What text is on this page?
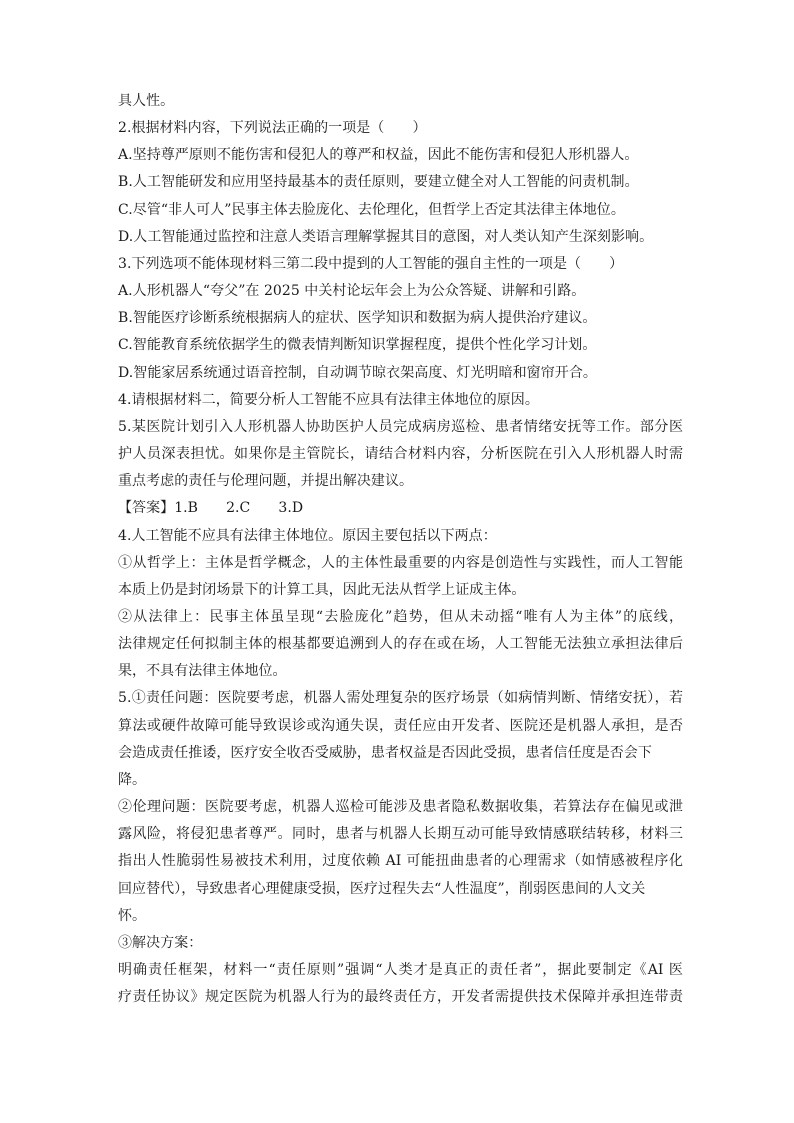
具人性。
2.根据材料内容，下列说法正确的一项是（　　）
A.坚持尊严原则不能伤害和侵犯人的尊严和权益，因此不能伤害和侵犯人形机器人。
B.人工智能研发和应用坚持最基本的责任原则，要建立健全对人工智能的问责机制。
C.尽管“非人可人”民事主体去脸庞化、去伦理化，但哲学上否定其法律主体地位。
D.人工智能通过监控和注意人类语言理解掌握其目的意图，对人类认知产生深刻影响。
3.下列选项不能体现材料三第二段中提到的人工智能的强自主性的一项是（　　）
A.人形机器人“夸父”在 2025 中关村论坛年会上为公众答疑、讲解和引路。
B.智能医疗诊断系统根据病人的症状、医学知识和数据为病人提供治疗建议。
C.智能教育系统依据学生的微表情判断知识掌握程度，提供个性化学习计划。
D.智能家居系统通过语音控制，自动调节晾衣架高度、灯光明暗和窗帘开合。
4.请根据材料二，简要分析人工智能不应具有法律主体地位的原因。
5.某医院计划引入人形机器人协助医护人员完成病房巡检、患者情绪安抚等工作。部分医
护人员深表担忧。如果你是主管院长，请结合材料内容，分析医院在引入人形机器人时需
重点考虑的责任与伦理问题，并提出解决建议。
【答案】1.B　　2.C　　3.D
4.人工智能不应具有法律主体地位。原因主要包括以下两点：
①从哲学上：主体是哲学概念，人的主体性最重要的内容是创造性与实践性，而人工智能
本质上仍是封闭场景下的计算工具，因此无法从哲学上证成主体。
②从法律上：民事主体虽呈现“去脸庞化”趋势，但从未动摇“唯有人为主体”的底线，
法律规定任何拟制主体的根基都要追溯到人的存在或在场，人工智能无法独立承担法律后
果，不具有法律主体地位。
5.①责任问题：医院要考虑，机器人需处理复杂的医疗场景（如病情判断、情绪安抚），若
算法或硬件故障可能导致误诊或沟通失误，责任应由开发者、医院还是机器人承担，是否
会造成责任推诿，医疗安全收否受威胁，患者权益是否因此受损，患者信任度是否会下
降。
②伦理问题：医院要考虑，机器人巡检可能涉及患者隐私数据收集，若算法存在偏见或泄
露风险，将侵犯患者尊严。同时，患者与机器人长期互动可能导致情感联结转移，材料三
指出人性脆弱性易被技术利用，过度依赖 AI 可能扭曲患者的心理需求（如情感被程序化
回应替代），导致患者心理健康受损，医疗过程失去“人性温度”，削弱医患间的人文关
怀。
③解决方案：
明确责任框架，材料一“责任原则”强调“人类才是真正的责任者”，据此要制定《AI 医
疗责任协议》规定医院为机器人行为的最终责任方，开发者需提供技术保障并承担连带责
